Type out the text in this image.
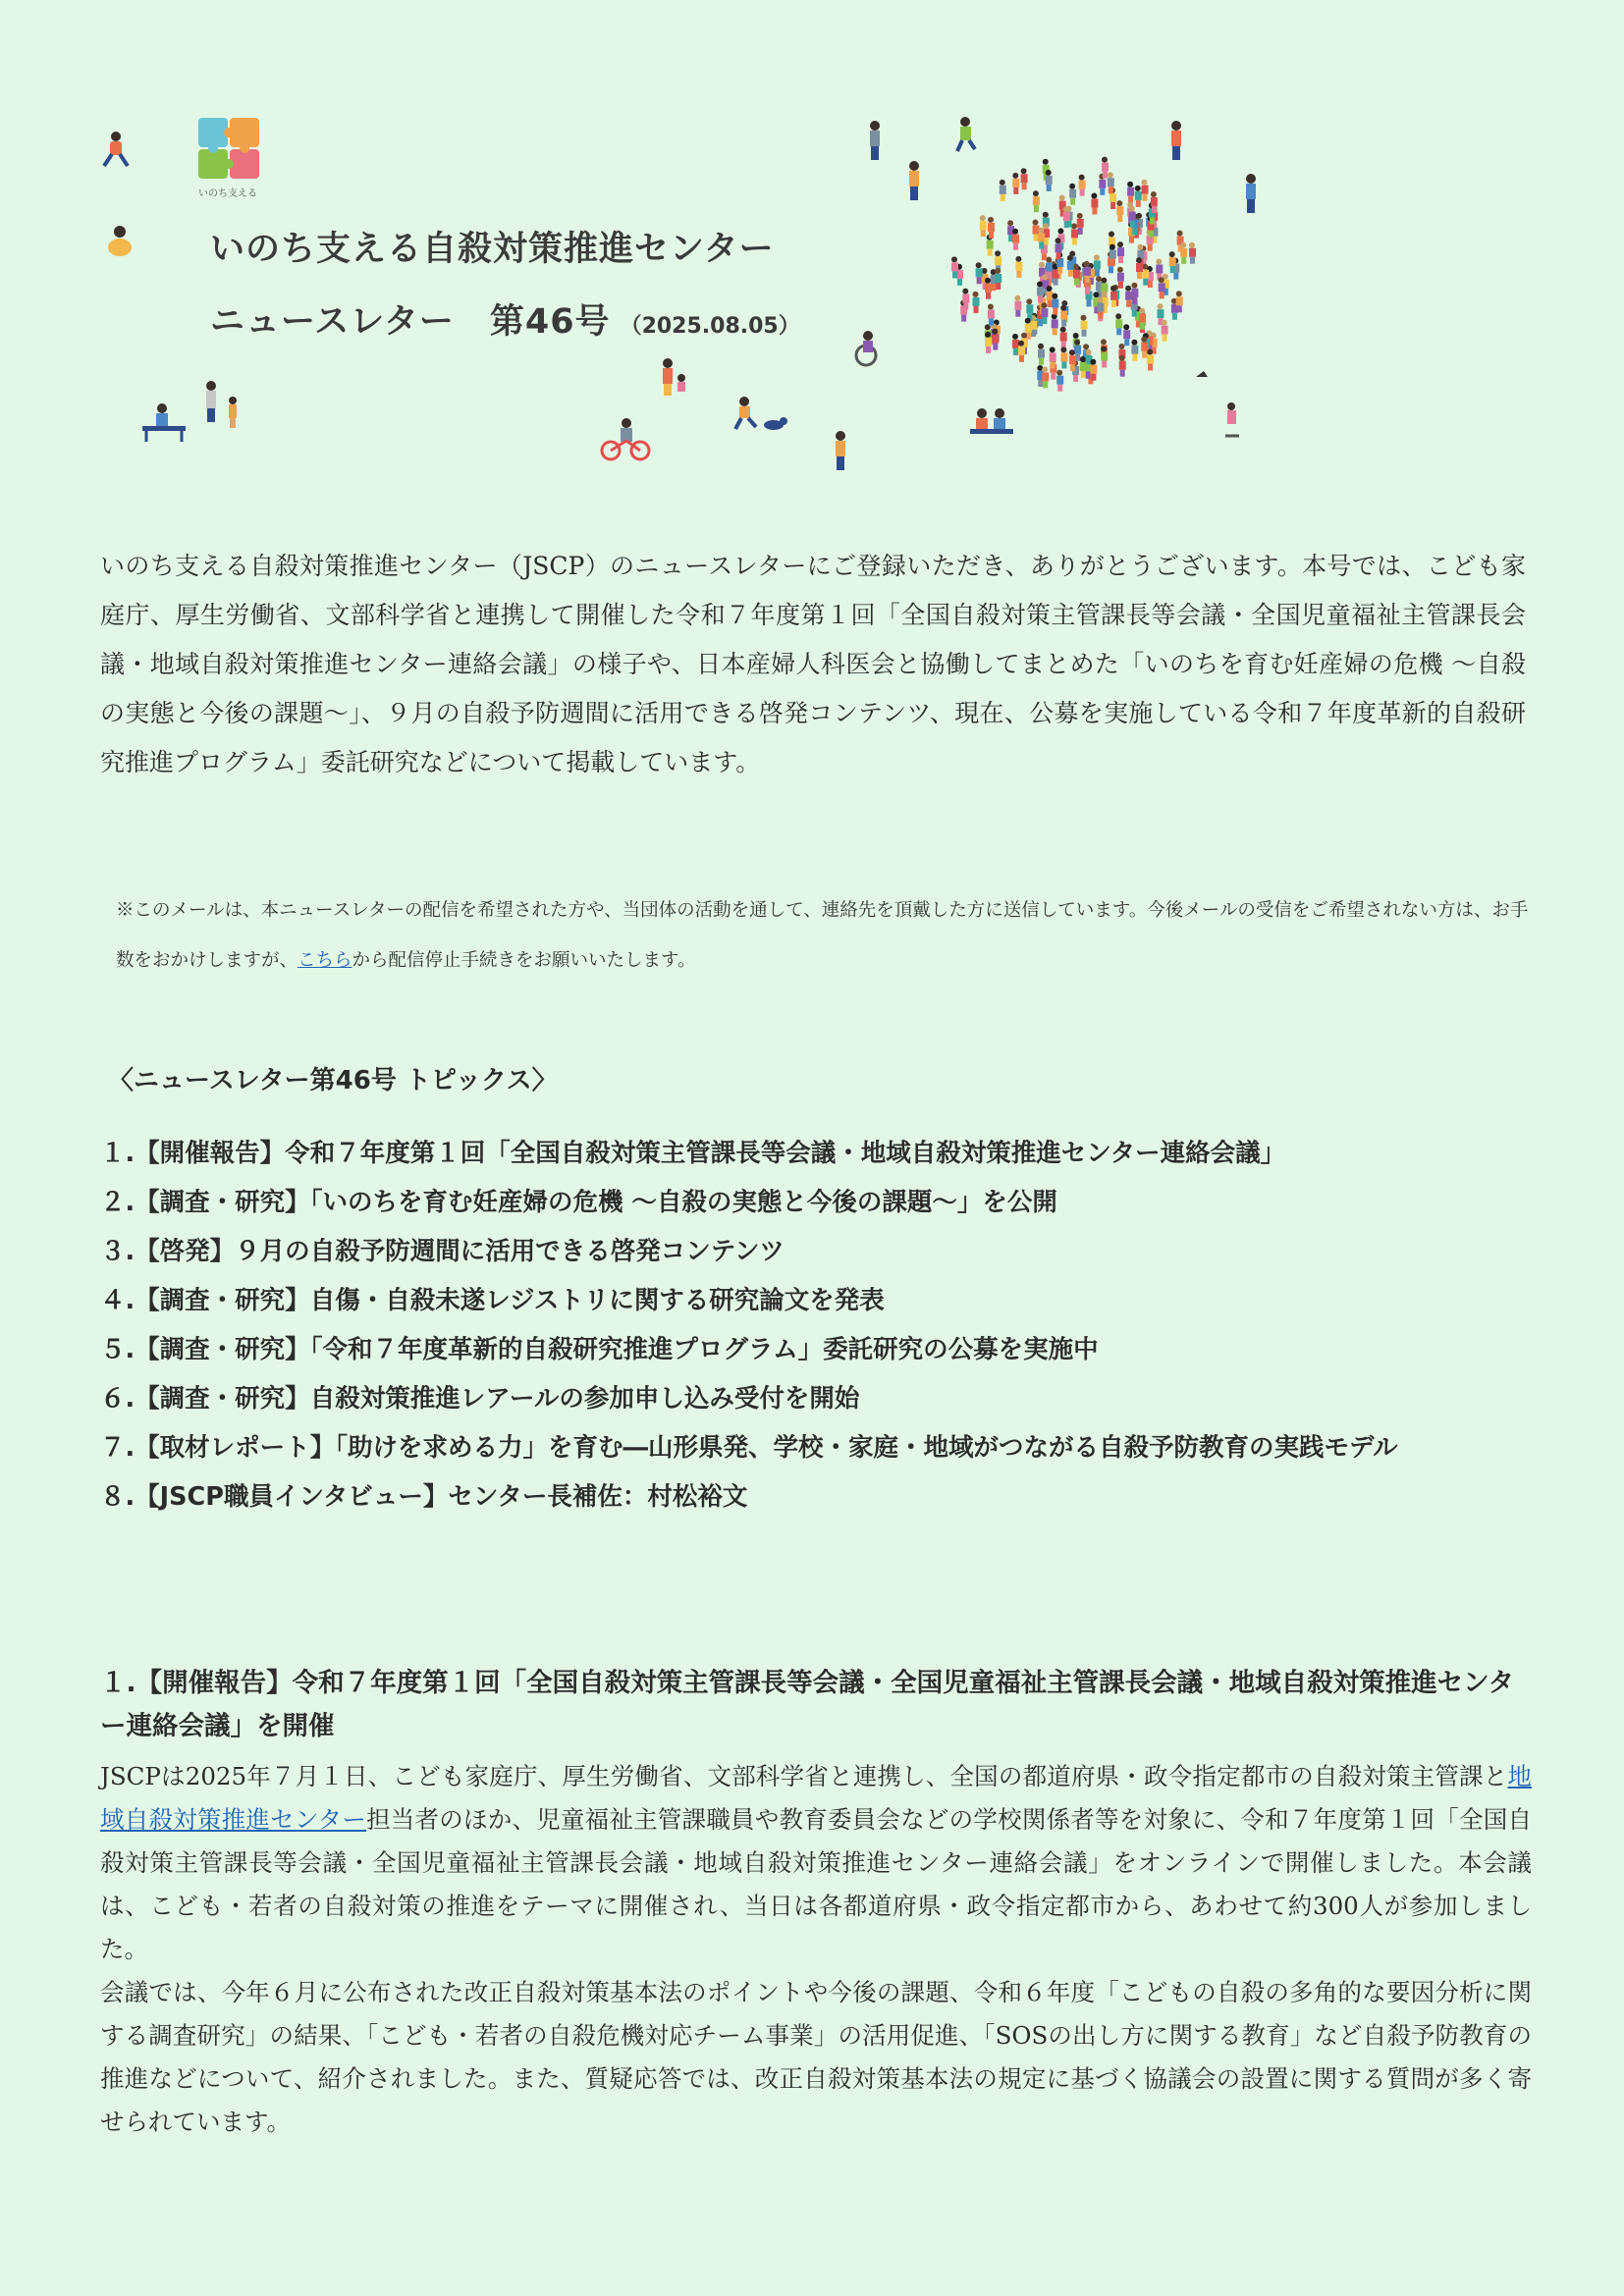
いのち支える
いのち支える自殺対策推進センター
ニュースレター　第46号 （2025.08.05）
いのち支える自殺対策推進センター（JSCP）のニュースレターにご登録いただき、ありがとうございます。本号では、こども家庭庁、厚生労働省、文部科学省と連携して開催した令和７年度第１回「全国自殺対策主管課長等会議・全国児童福祉主管課長会議・地域自殺対策推進センター連絡会議」の様子や、日本産婦人科医会と協働してまとめた「いのちを育む妊産婦の危機 ～自殺の実態と今後の課題～」、９月の自殺予防週間に活用できる啓発コンテンツ、現在、公募を実施している令和７年度革新的自殺研究推進プログラム」委託研究などについて掲載しています。
※このメールは、本ニュースレターの配信を希望された方や、当団体の活動を通して、連絡先を頂戴した方に送信しています。今後メールの受信をご希望されない方は、お手数をおかけしますが、こちらから配信停止手続きをお願いいたします。
〈ニュースレター第46号 トピックス〉
１.【開催報告】令和７年度第１回「全国自殺対策主管課長等会議・地域自殺対策推進センター連絡会議」
２.【調査・研究】「いのちを育む妊産婦の危機 ～自殺の実態と今後の課題～」を公開
３.【啓発】９月の自殺予防週間に活用できる啓発コンテンツ
４.【調査・研究】自傷・自殺未遂レジストリに関する研究論文を発表
５.【調査・研究】「令和７年度革新的自殺研究推進プログラム」委託研究の公募を実施中
６.【調査・研究】自殺対策推進レアールの参加申し込み受付を開始
７.【取材レポート】「助けを求める力」を育む―山形県発、学校・家庭・地域がつながる自殺予防教育の実践モデル
８.【JSCP職員インタビュー】センター長補佐：村松裕文
１.【開催報告】令和７年度第１回「全国自殺対策主管課長等会議・全国児童福祉主管課長会議・地域自殺対策推進センター連絡会議」を開催

JSCPは2025年７月１日、こども家庭庁、厚生労働省、文部科学省と連携し、全国の都道府県・政令指定都市の自殺対策主管課と地域自殺対策推進センター担当者のほか、児童福祉主管課職員や教育委員会などの学校関係者等を対象に、令和７年度第１回「全国自殺対策主管課長等会議・全国児童福祉主管課長会議・地域自殺対策推進センター連絡会議」をオンラインで開催しました。本会議は、こども・若者の自殺対策の推進をテーマに開催され、当日は各都道府県・政令指定都市から、あわせて約300人が参加しました。

会議では、今年６月に公布された改正自殺対策基本法のポイントや今後の課題、令和６年度「こどもの自殺の多角的な要因分析に関する調査研究」の結果、「こども・若者の自殺危機対応チーム事業」の活用促進、「SOSの出し方に関する教育」など自殺予防教育の推進などについて、紹介されました。また、質疑応答では、改正自殺対策基本法の規定に基づく協議会の設置に関する質問が多く寄せられています。
